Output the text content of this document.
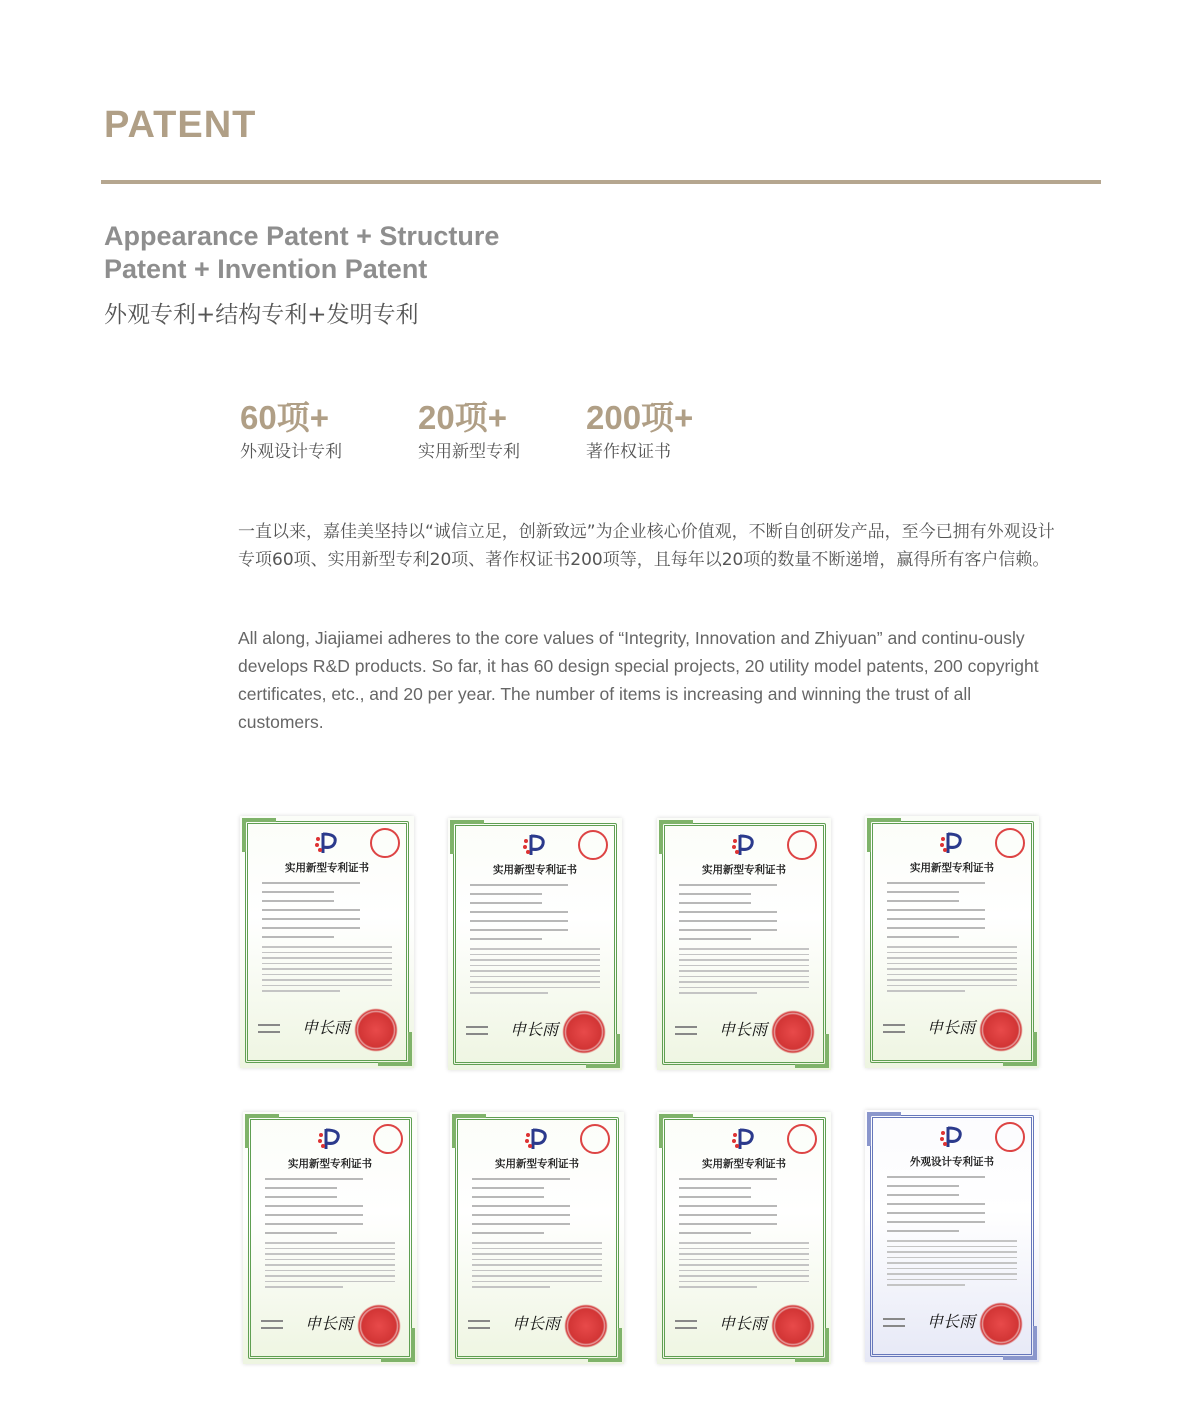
PATENT
Appearance Patent + Structure Patent + Invention Patent
外观专利+结构专利+发明专利
60项+
外观设计专利
20项+
实用新型专利
200项+
著作权证书
一直以来，嘉佳美坚持以“诚信立足，创新致远”为企业核心价值观，不断自创研发产品，至今已拥有外观设计专项60项、实用新型专利20项、著作权证书200项等，且每年以20项的数量不断递增，赢得所有客户信赖。
All along, Jiajiamei adheres to the core values of “Integrity, Innovation and Zhiyuan” and continu-ously develops R&D products. So far, it has 60 design special projects, 20 utility model patents, 200 copyright certificates, etc., and 20 per year. The number of items is increasing and winning the trust of all customers.
实用新型专利证书
申长雨
实用新型专利证书
申长雨
实用新型专利证书
申长雨
实用新型专利证书
申长雨
实用新型专利证书
申长雨
实用新型专利证书
申长雨
实用新型专利证书
申长雨
外观设计专利证书
申长雨
